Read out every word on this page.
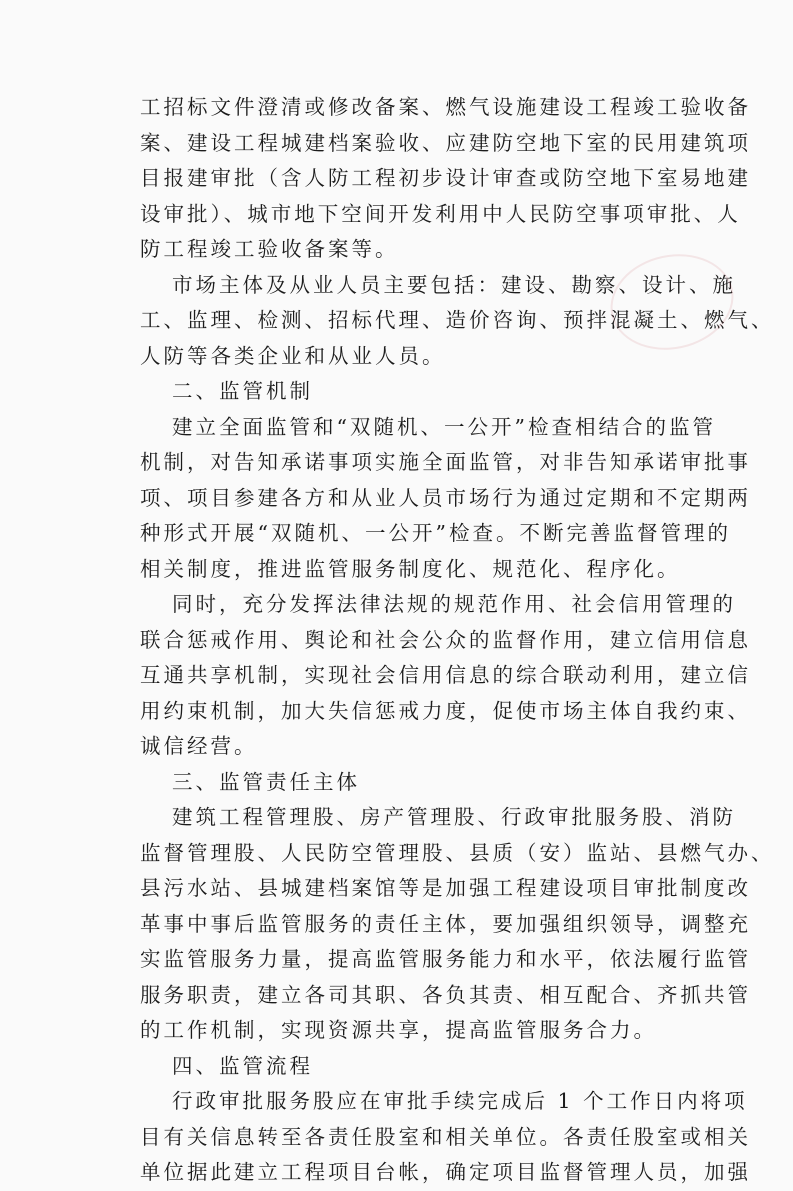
工招标文件澄清或修改备案、燃气设施建设工程竣工验收备

案、建设工程城建档案验收、应建防空地下室的民用建筑项

目报建审批（含人防工程初步设计审查或防空地下室易地建

设审批）、城市地下空间开发利用中人民防空事项审批、人

防工程竣工验收备案等。

市场主体及从业人员主要包括：建设、勘察、设计、施

工、监理、检测、招标代理、造价咨询、预拌混凝土、燃气、

人防等各类企业和从业人员。

二、监管机制

建立全面监管和“双随机、一公开”检查相结合的监管

机制，对告知承诺事项实施全面监管，对非告知承诺审批事

项、项目参建各方和从业人员市场行为通过定期和不定期两

种形式开展“双随机、一公开”检查。不断完善监督管理的

相关制度，推进监管服务制度化、规范化、程序化。

同时，充分发挥法律法规的规范作用、社会信用管理的

联合惩戒作用、舆论和社会公众的监督作用，建立信用信息

互通共享机制，实现社会信用信息的综合联动利用，建立信

用约束机制，加大失信惩戒力度，促使市场主体自我约束、

诚信经营。

三、监管责任主体

建筑工程管理股、房产管理股、行政审批服务股、消防

监督管理股、人民防空管理股、县质（安）监站、县燃气办、

县污水站、县城建档案馆等是加强工程建设项目审批制度改

革事中事后监管服务的责任主体，要加强组织领导，调整充

实监管服务力量，提高监管服务能力和水平，依法履行监管

服务职责，建立各司其职、各负其责、相互配合、齐抓共管

的工作机制，实现资源共享，提高监管服务合力。

四、监管流程

行政审批服务股应在审批手续完成后 1 个工作日内将项

目有关信息转至各责任股室和相关单位。各责任股室或相关

单位据此建立工程项目台帐，确定项目监督管理人员，加强
